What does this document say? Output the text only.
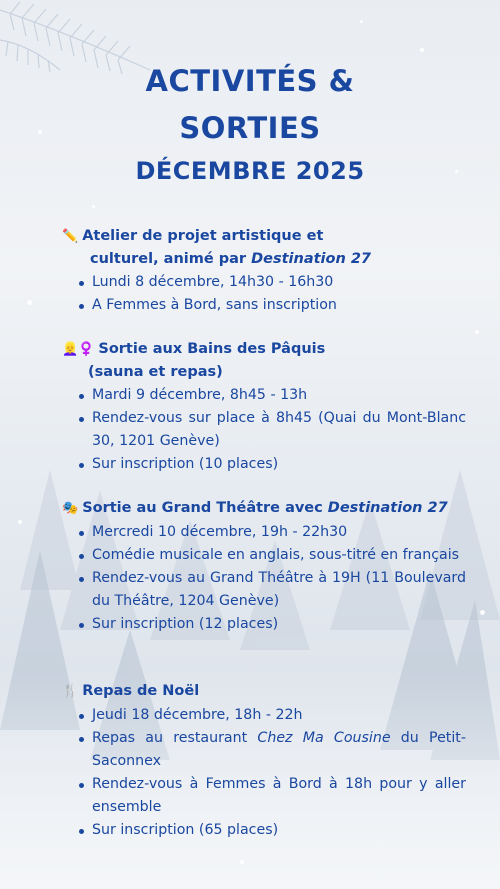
ACTIVITÉS &
SORTIES
DÉCEMBRE 2025
✏️ Atelier de projet artistique et
culturel, animé par Destination 27
Lundi 8 décembre, 14h30 - 16h30
A Femmes à Bord, sans inscription
👱‍♀️♀️ Sortie aux Bains des Pâquis
(sauna et repas)
Mardi 9 décembre, 8h45 - 13h
Rendez-vous sur place à 8h45 (Quai du Mont-Blanc 30, 1201 Genève)
Sur inscription (10 places)
🎭 Sortie au Grand Théâtre avec Destination 27
Mercredi 10 décembre, 19h - 22h30
Comédie musicale en anglais, sous-titré en français
Rendez-vous au Grand Théâtre à 19H (11 Boulevard du Théâtre, 1204 Genève)
Sur inscription (12 places)
🍴 Repas de Noël
Jeudi 18 décembre, 18h - 22h
Repas au restaurant Chez Ma Cousine du Petit-Saconnex
Rendez-vous à Femmes à Bord à 18h pour y aller ensemble
Sur inscription (65 places)
